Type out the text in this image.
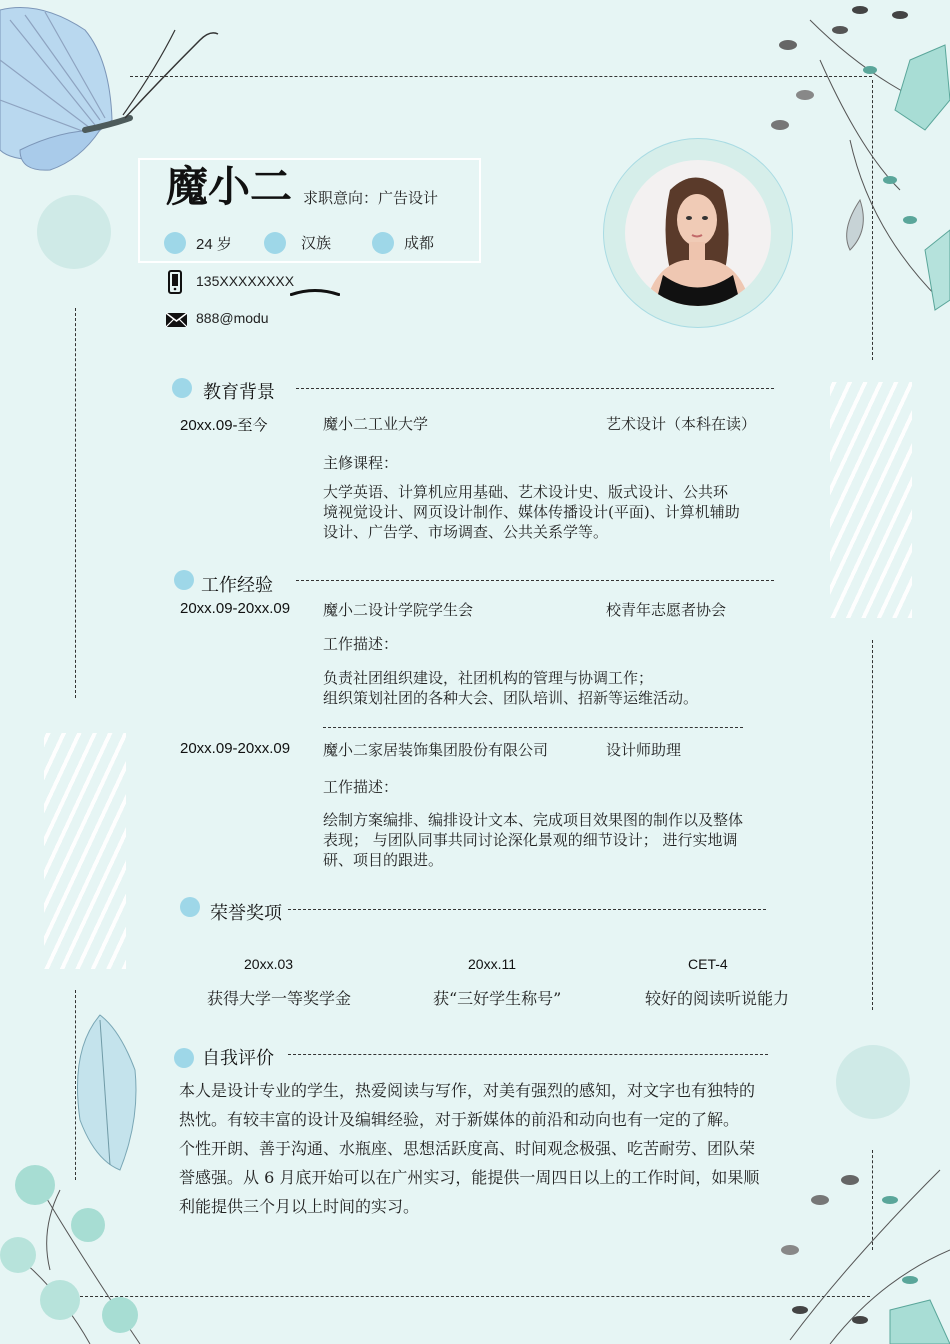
魔小二 求职意向：广告设计
24 岁	汉族	成都
135XXXXXXXX
888@modu
教育背景
20xx.09-至今	魔小二工业大学	艺术设计（本科在读）
主修课程：
大学英语、计算机应用基础、艺术设计史、版式设计、公共环
境视觉设计、网页设计制作、媒体传播设计(平面)、计算机辅助
设计、广告学、市场调查、公共关系学等。
工作经验
20xx.09-20xx.09 魔小二设计学院学生会	校青年志愿者协会
工作描述：
负责社团组织建设，社团机构的管理与协调工作；
组织策划社团的各种大会、团队培训、招新等运维活动。
20xx.09-20xx.09 魔小二家居装饰集团股份有限公司	设计师助理
工作描述：
绘制方案编排、编排设计文本、完成项目效果图的制作以及整体
表现； 与团队同事共同讨论深化景观的细节设计； 进行实地调
研、项目的跟进。
荣誉奖项
20xx.03	20xx.11	CET-4
获得大学一等奖学金	获“三好学生称号”	较好的阅读听说能力
自我评价
本人是设计专业的学生，热爱阅读与写作，对美有强烈的感知，对文字也有独特的
热忱。有较丰富的设计及编辑经验，对于新媒体的前沿和动向也有一定的了解。
个性开朗、善于沟通、水瓶座、思想活跃度高、时间观念极强、吃苦耐劳、团队荣
誉感强。从 6 月底开始可以在广州实习，能提供一周四日以上的工作时间，如果顺
利能提供三个月以上时间的实习。
